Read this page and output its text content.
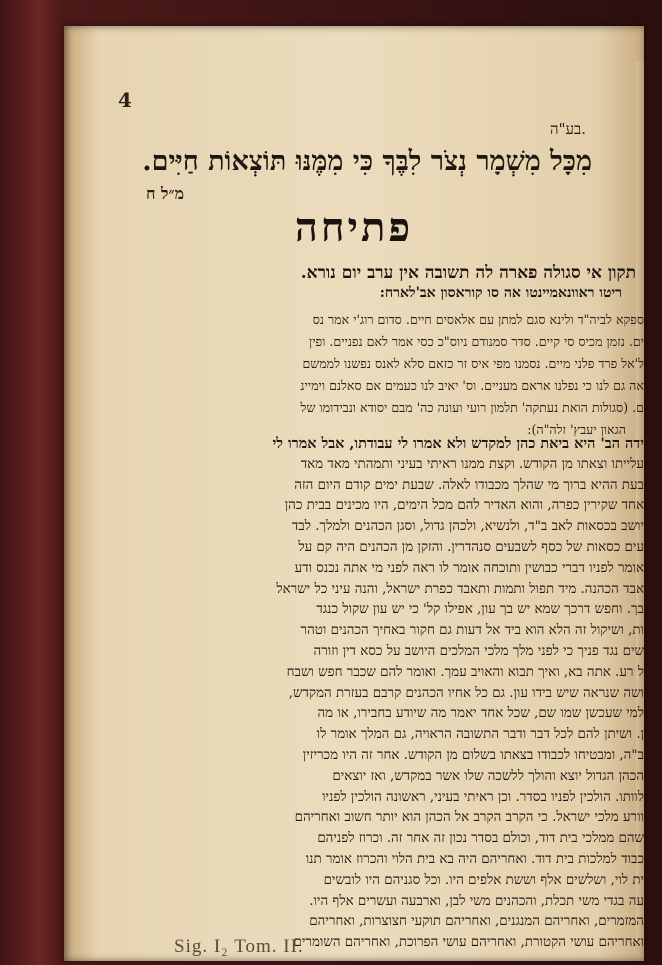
4
בע"ה.
מִכָּל מִשְׁמָר נְצֹר לִבֶּךָ כִּי מִמֶּנּוּ תּוֹצְאוֹת חַיִּים.
מ״ל ח
פתיחה
תקון אי סגולה פארה לה תשובה אין ערב יום נורא.
ריטו ראוונאמיינטו אה סו קוראסון אב'לארח:
ספקא לביה"ד ולינא סגם למתן עם אלאסים חיים. סדום רוג'י אמר נס
ים. נזמן מכיס סי קיים. סדר סמנודם ניוס"כ כסי אמר לאם נפניים. ופין
ל'אל פרד פלני מיים. נסמנו מפי איס זר כזאם סלא לאנס נפשנו לממשם
אה גם לנו כי נפלנו אראם מעניים. וס' יאיב לנו כעמים אם סאלנם וימיינ
ם. (סגולות הואת נעתקה' תלמון רועי ועונה כה' מבם יסודא ונבידומו של
הגאון יעבץ' זלה"ה):
ידה הב' היא ביאת כהן למקדש ולא אמרו לי עבודתו, אבל אמרו לי
עלייתו וצאתו מן הקודש. וקצת ממנו ראיתי בעיני ותמהתי מאד מאד
בעת ההיא ברוך מי שהלך מכבודו לאלה. שבעת ימים קודם היום הזה
אחד שקירין כפרה, והוא האדיר להם מכל הימים, היו מכינים בבית כהן
יושב בכסאות לאב ב"ד, ולנשיא, ולכהן גדול, וסגן הכהנים ולמלך. לבד
עים כסאות של כסף לשבעים סנהדרין. והזקן מן הכהנים היה קם על
אומר לפניו דברי כבושין ותוכחה אומר לו ראה לפני מי אתה נכנס ודע
אבד הכהנה. מיד תפול ותמות ותאבד כפרת ישראל, והנה עיני כל ישראל
בך. וחפש דרכך שמא יש בך עון, אפילו קל' כי יש עון שקול כנגד
ות, ושיקול זה הלא הוא ביד אל דעות גם חקור באחיך הכהנים וטהר
שים נגד פניך כי לפני מלך מלכי המלכים היושב על כסא דין וזורה
ל רע. אתה בא, ואיך תבוא והאויב עמך. ואומר להם שכבר חפש ושבח
ושה שנראה שיש בידו עון. גם כל אחיו הכהנים קרבם בעזרת המקדש,
למי שעכשן שמו שם, שכל אחד יאמר מה שיודע בחבירו, או מה
ן. ושיתן להם לכל דבר ודבר התשובה הראויה, גם המלך אומר לו
ב"ה, ומבטיחו לכבודו בצאתו בשלום מן הקודש. אחר זה היו מכריזין
הכהן הגדול יוצא והולך ללשכה שלו אשר במקדש, ואז יוצאים
לוותו. הולכין לפניו בסדר. וכן ראיתי בעיני, ראשונה הולכין לפניו
וורע מלכי ישראל. כי הקרב הקרב אל הכהן הוא יותר חשוב ואחריהם
שהם ממלכי בית דוד, וכולם בסדר נכון זה אחר זה. וכרוז לפניהם
כבוד למלכות בית דוד. ואחריהם היה בא בית הלוי והכרוז אומר תנו
ית לוי, ושלשים אלף וששת אלפים היו. וכל סגניהם היו לובשים
עה בגדי משי תכלת, והכהנים משי לבן, וארבעה ועשרים אלף היו.
המזמרים, ואחריהם המנגנים, ואחריהם תוקעי חצוצרות, ואחריהם
ואחריהם עושי הקטורת, ואחריהם עושי הפרוכת, ואחריהם השומרים
Sig. I₂ Tom. II.
